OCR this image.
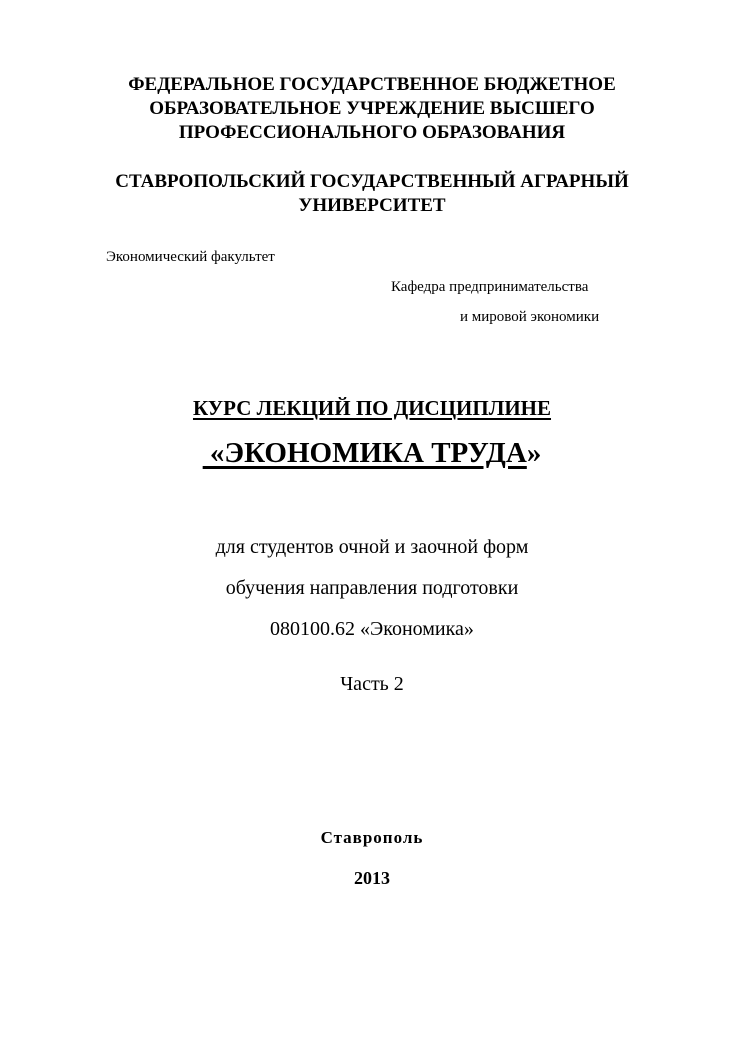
ФЕДЕРАЛЬНОЕ ГОСУДАРСТВЕННОЕ БЮДЖЕТНОЕ
ОБРАЗОВАТЕЛЬНОЕ УЧРЕЖДЕНИЕ ВЫСШЕГО
ПРОФЕССИОНАЛЬНОГО ОБРАЗОВАНИЯ
СТАВРОПОЛЬСКИЙ ГОСУДАРСТВЕННЫЙ АГРАРНЫЙ
УНИВЕРСИТЕТ
Экономический факультет
Кафедра предпринимательства
и мировой экономики
КУРС ЛЕКЦИЙ ПО ДИСЦИПЛИНЕ
«ЭКОНОМИКА ТРУДА»
для студентов очной и заочной форм
обучения направления подготовки
080100.62 «Экономика»
Часть 2
Ставрополь
2013
